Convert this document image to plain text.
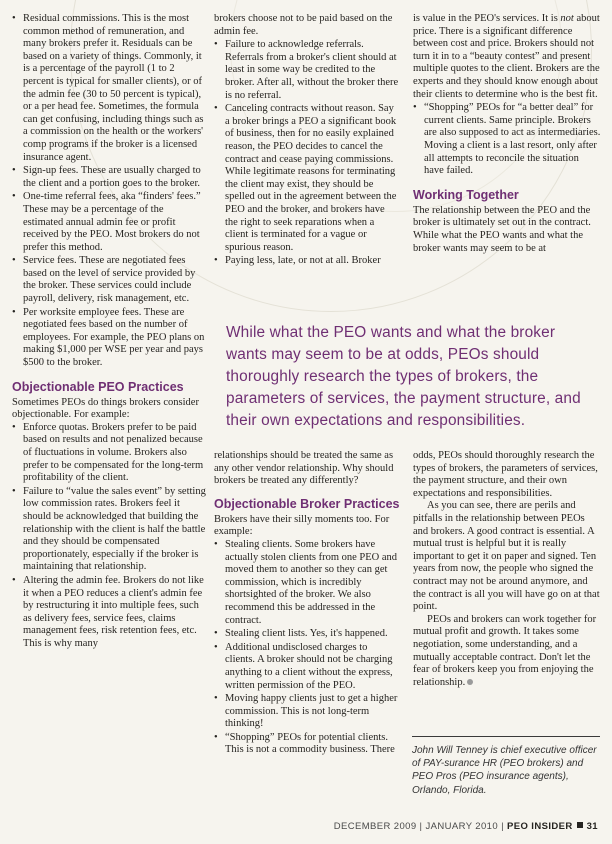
• Residual commissions. This is the most common method of remuneration, and many brokers prefer it. Residuals can be based on a variety of things. Commonly, it is a percentage of the payroll (1 to 2 percent is typical for smaller clients), or of the admin fee (30 to 50 percent is typical), or a per head fee. Sometimes, the formula can get confusing, including things such as a commission on the health or the workers' comp programs if the broker is a licensed insurance agent.
• Sign-up fees. These are usually charged to the client and a portion goes to the broker.
• One-time referral fees, aka “finders' fees.” These may be a percentage of the estimated annual admin fee or profit received by the PEO. Most brokers do not prefer this method.
• Service fees. These are negotiated fees based on the level of service provided by the broker. These services could include payroll, delivery, risk management, etc.
• Per worksite employee fees. These are negotiated fees based on the number of employees. For example, the PEO plans on making $1,000 per WSE per year and pays $500 to the broker.
Objectionable PEO Practices

Sometimes PEOs do things brokers consider objectionable. For example:

• Enforce quotas. Brokers prefer to be paid based on results and not penalized because of fluctuations in volume. Brokers also prefer to be compensated for the long-term profitability of the client.
• Failure to “value the sales event” by setting low commission rates. Brokers feel it should be acknowledged that building the relationship with the client is half the battle and they should be compensated proportionately, especially if the broker is maintaining that relationship.
• Altering the admin fee. Brokers do not like it when a PEO reduces a client's admin fee by restructuring it into multiple fees, such as delivery fees, service fees, claims management fees, risk retention fees, etc. This is why many
brokers choose not to be paid based on the admin fee.
• Failure to acknowledge referrals. Referrals from a broker's client should at least in some way be credited to the broker. After all, without the broker there is no referral.
• Canceling contracts without reason. Say a broker brings a PEO a significant book of business, then for no easily explained reason, the PEO decides to cancel the contract and cease paying commissions. While legitimate reasons for terminating the client may exist, they should be spelled out in the agreement between the PEO and the broker, and brokers have the right to seek reparations when a client is terminated for a vague or spurious reason.
• Paying less, late, or not at all. Broker
is value in the PEO's services. It is not about price. There is a significant difference between cost and price. Brokers should not turn it in to a “beauty contest” and present multiple quotes to the client. Brokers are the experts and they should know enough about their clients to determine who is the best fit.
• “Shopping” PEOs for “a better deal” for current clients. Same principle. Brokers are also supposed to act as intermediaries. Moving a client is a last resort, only after all attempts to reconcile the situation have failed.
Working Together

The relationship between the PEO and the broker is ultimately set out in the contract. While what the PEO wants and what the broker wants may seem to be at

While what the PEO wants and what the broker wants may seem to be at odds, PEOs should thoroughly research the types of brokers, the parameters of services, the payment structure, and their own expectations and responsibilities.

relationships should be treated the same as any other vendor relationship. Why should brokers be treated any differently?

Objectionable Broker Practices

Brokers have their silly moments too. For example:

• Stealing clients. Some brokers have actually stolen clients from one PEO and moved them to another so they can get commission, which is incredibly shortsighted of the broker. We also recommend this be addressed in the contract.
• Stealing client lists. Yes, it's happened.
• Additional undisclosed charges to clients. A broker should not be charging anything to a client without the express, written permission of the PEO.
• Moving happy clients just to get a higher commission. This is not long-term thinking!
• “Shopping” PEOs for potential clients. This is not a commodity business. There

odds, PEOs should thoroughly research the types of brokers, the parameters of services, the payment structure, and their own expectations and responsibilities.

As you can see, there are perils and pitfalls in the relationship between PEOs and brokers. A good contract is essential. A mutual trust is helpful but it is really important to get it on paper and signed. Ten years from now, the people who signed the contract may not be around anymore, and the contract is all you will have go on at that point.

PEOs and brokers can work together for mutual profit and growth. It takes some negotiation, some understanding, and a mutually acceptable contract. Don't let the fear of brokers keep you from enjoying the relationship.

John Will Tenney is chief executive officer of PAY-surance HR (PEO brokers) and PEO Pros (PEO insurance agents), Orlando, Florida.
DECEMBER 2009 | JANUARY 2010 | PEO INSIDER 31
